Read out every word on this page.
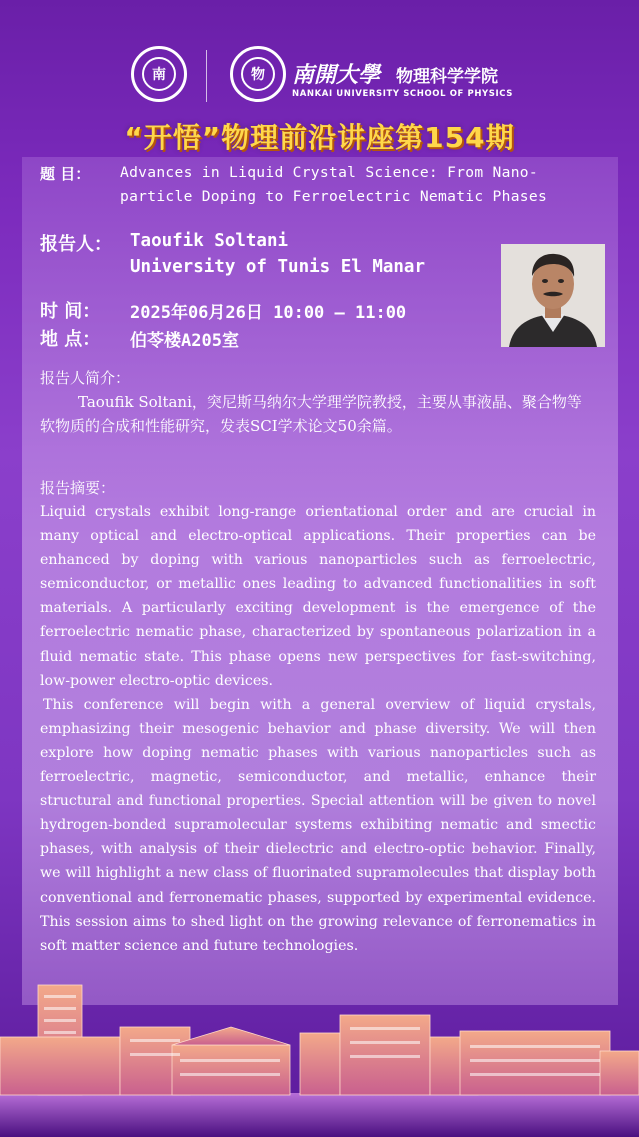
南	物	南開大學 物理科学学院
NANKAI UNIVERSITY SCHOOL OF PHYSICS
“开悟”物理前沿讲座第154期
题 目： Advances in Liquid Crystal Science: From Nano-
particle Doping to Ferroelectric Nematic Phases
报告人： Taoufik Soltani
University of Tunis El Manar
时 间： 2025年06月26日 10:00 – 11:00
地 点： 伯苓楼A205室
报告人简介：
Taoufik Soltani，突尼斯马纳尔大学理学院教授，主要从事液晶、聚合物等软物质的合成和性能研究，发表SCI学术论文50余篇。
报告摘要：

Liquid crystals exhibit long-range orientational order and are crucial in many optical and electro-optical applications. Their properties can be enhanced by doping with various nanoparticles such as ferroelectric, semiconductor, or metallic ones leading to advanced functionalities in soft materials. A particularly exciting development is the emergence of the ferroelectric nematic phase, characterized by spontaneous polarization in a fluid nematic state. This phase opens new perspectives for fast-switching, low-power electro-optic devices.

This conference will begin with a general overview of liquid crystals, emphasizing their mesogenic behavior and phase diversity. We will then explore how doping nematic phases with various nanoparticles such as ferroelectric, magnetic, semiconductor, and metallic, enhance their structural and functional properties. Special attention will be given to novel hydrogen-bonded supramolecular systems exhibiting nematic and smectic phases, with analysis of their dielectric and electro-optic behavior. Finally, we will highlight a new class of fluorinated supramolecules that display both conventional and ferronematic phases, supported by experimental evidence. This session aims to shed light on the growing relevance of ferronematics in soft matter science and future technologies.
